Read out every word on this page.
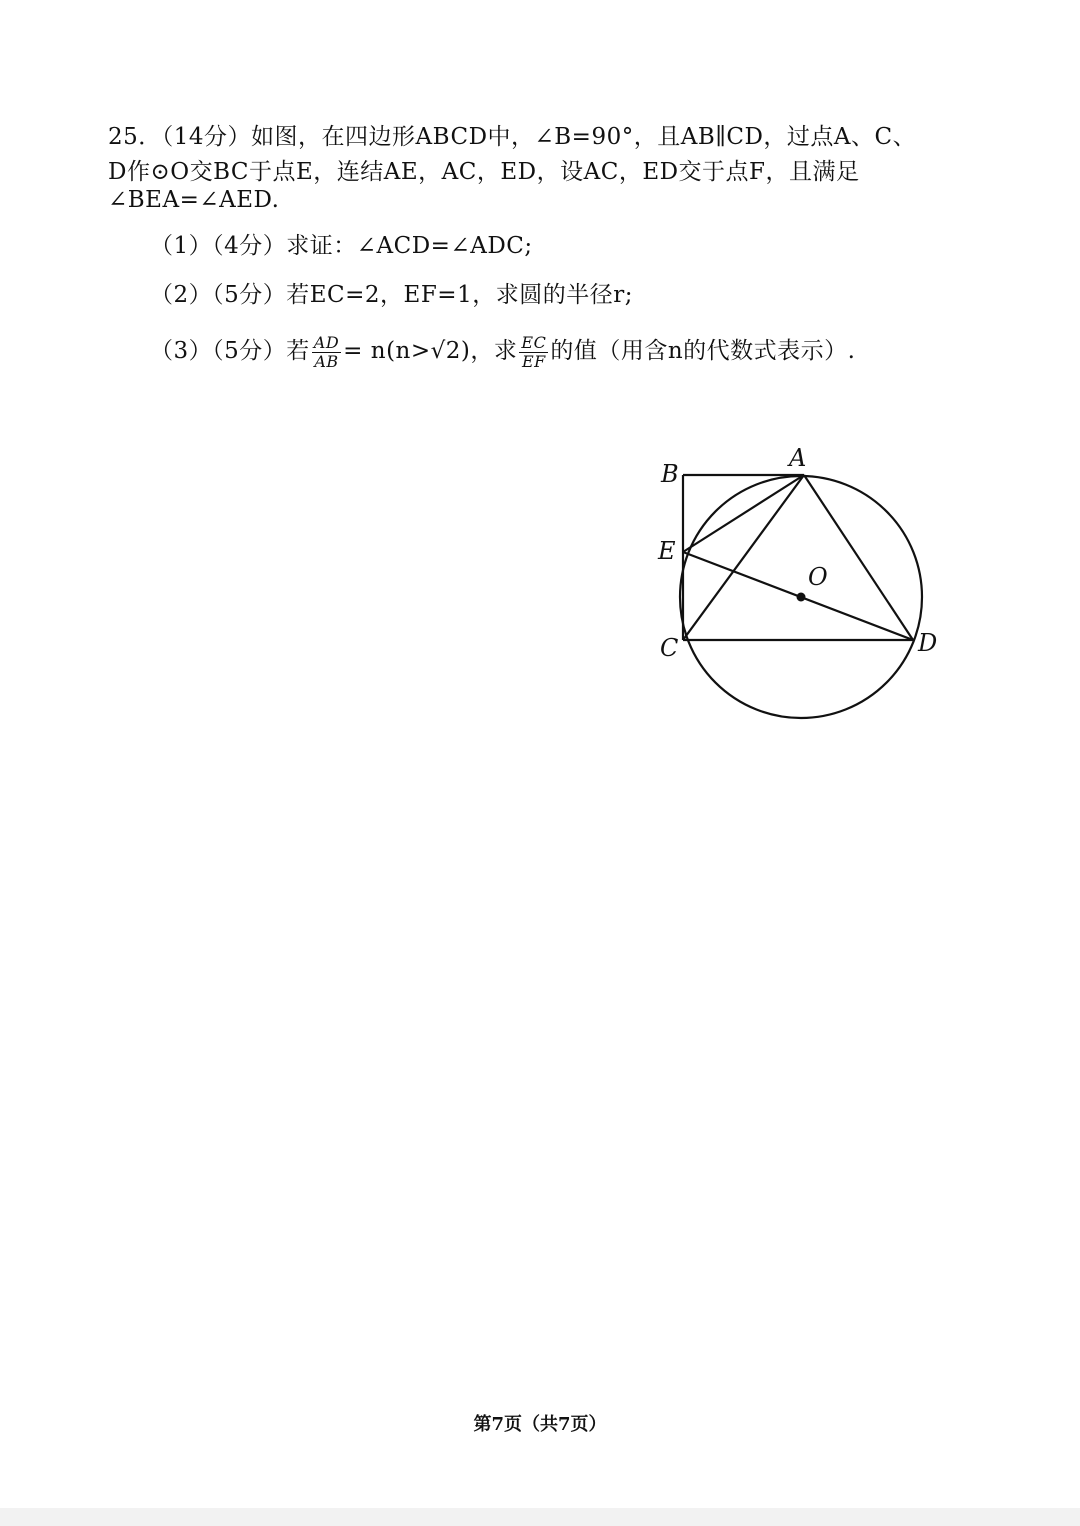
25．（14分）如图，在四边形ABCD中，∠B=90°，且AB∥CD，过点A、C、
D作⊙O交BC于点E，连结AE，AC，ED，设AC，ED交于点F，且满足
∠BEA=∠AED.
（1）（4分）求证：∠ACD=∠ADC;
（2）（5分）若EC=2，EF=1，求圆的半径r;
（3）（5分）若 $\frac{AD}{AB} = n(n>√2)$，求 $\frac{EC}{EF}$ 的值（用含n的代数式表示）.
A
B
E
O
C	D
第7页（共7页）
